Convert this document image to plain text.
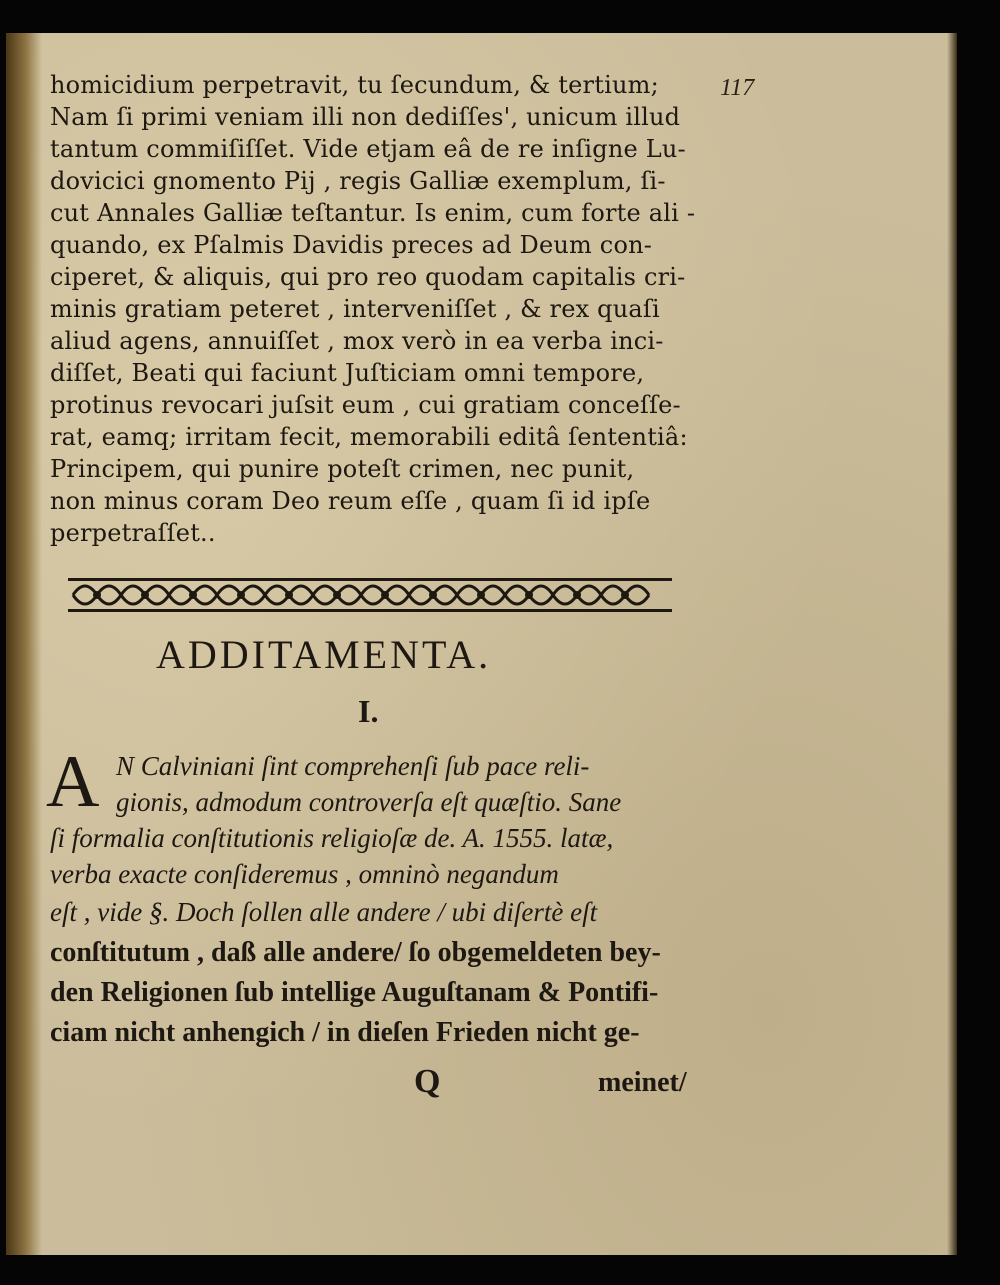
117
homicidium perpetravit, tu ſecundum, & tertium;
Nam ſi primi veniam illi non dediſſes', unicum illud
tantum commiſiſſet. Vide etjam eâ de re inſigne Lu-
dovicici gnomento Pij , regis Galliæ exemplum, ſi-
cut Annales Galliæ teſtantur. Is enim, cum forte ali -
quando, ex Pſalmis Davidis preces ad Deum con-
ciperet, & aliquis, qui pro reo quodam capitalis cri-
minis gratiam peteret , interveniſſet , & rex quaſi
aliud agens, annuiſſet , mox verò in ea verba inci-
diſſet, Beati qui faciunt Juſticiam omni tempore,
protinus revocari juſsit eum , cui gratiam conceſſe-
rat, eamq; irritam fecit, memorabili editâ ſententiâ:
Principem, qui punire poteſt crimen, nec punit,
non minus coram Deo reum eſſe , quam ſi id ipſe
perpetraſſet..
ADDITAMENTA.
I.
A N Calviniani ſint comprehenſi ſub pace reli-
gionis, admodum controverſa eſt quæſtio. Sane
ſi formalia conſtitutionis religioſæ de. A. 1555. latæ,
verba exacte conſideremus , omninò negandum
eſt , vide §. Doch ſollen alle andere / ubi diſertè eſt
conſtitutum , daß alle andere/ ſo obgemeldeten bey-
den Religionen ſub intellige Auguſtanam & Pontifi-
ciam nicht anhengich / in dieſen Frieden nicht ge-
Q	meinet/
